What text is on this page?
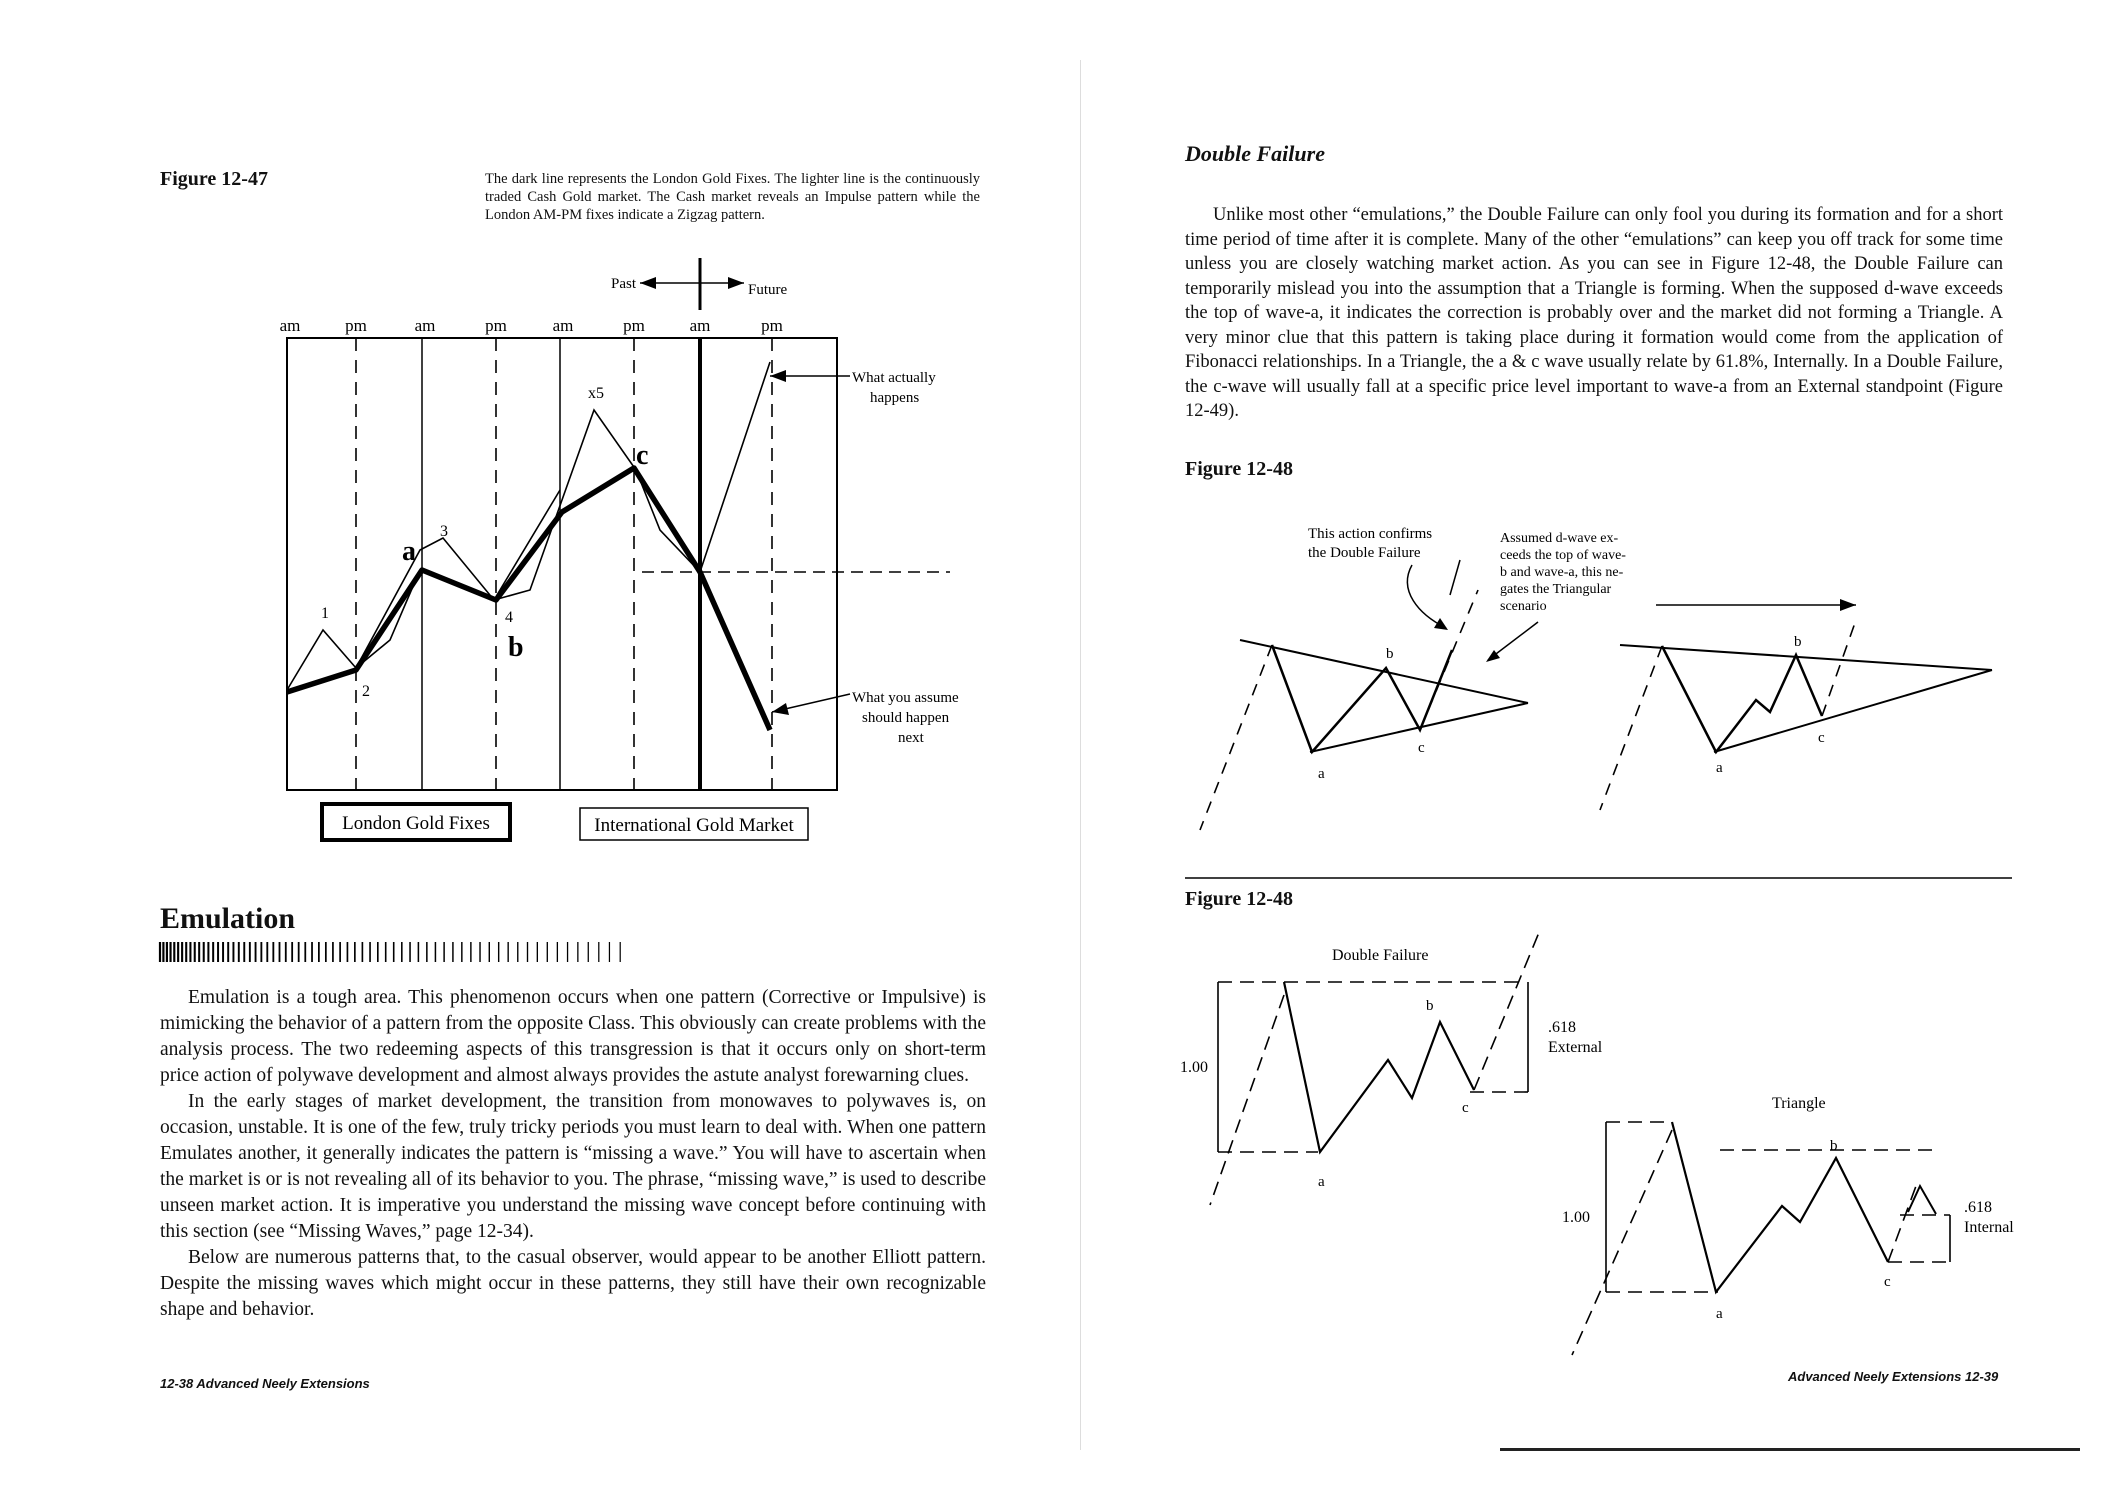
Figure 12-47	The dark line represents the London Gold Fixes. The lighter line is the continuously traded Cash Gold market. The Cash market reveals an Impulse pattern while the London AM-PM fixes indicate a Zigzag pattern.
Past	Future
am	pm	am	pm	am	pm	am	pm
1
2
3
4
x5
a
b
c
What actually
happens
What you assume
should happen
next
London Gold Fixes	International Gold Market
Emulation

Emulation is a tough area. This phenomenon occurs when one pattern (Corrective or Impulsive) is mimicking the behavior of a pattern from the opposite Class. This obviously can create problems with the analysis process. The two redeeming aspects of this transgression is that it occurs only on short-term price action of polywave development and almost always provides the astute analyst forewarning clues.

In the early stages of market development, the transition from monowaves to polywaves is, on occasion, unstable. It is one of the few, truly tricky periods you must learn to deal with. When one pattern Emulates another, it generally indicates the pattern is “missing a wave.” You will have to ascertain when the market is or is not revealing all of its behavior to you. The phrase, “missing wave,” is used to describe unseen market action. It is imperative you understand the missing wave concept before continuing with this section (see “Missing Waves,” page 12-34).

Below are numerous patterns that, to the casual observer, would appear to be another Elliott pattern. Despite the missing waves which might occur in these patterns, they still have their own recognizable shape and behavior.

12-38 Advanced Neely Extensions
Double Failure

Unlike most other “emulations,” the Double Failure can only fool you during its formation and for a short time period of time after it is complete. Many of the other “emulations” can keep you off track for some time unless you are closely watching market action. As you can see in Figure 12-48, the Double Failure can temporarily mislead you into the assumption that a Triangle is forming. When the supposed d-wave exceeds the top of wave-a, it indicates the correction is probably over and the market did not forming a Triangle. A very minor clue that this pattern is taking place during it formation would come from the application of Fibonacci relationships. In a Triangle, the a & c wave usually relate by 61.8%, Internally. In a Double Failure, the c-wave will usually fall at a specific price level important to wave-a from an External standpoint (Figure 12-49).

Figure 12-48
This action confirms
the Double Failure
Assumed d-wave ex-
ceeds the top of wave-
b and wave-a, this ne-
gates the Triangular
scenario
b
a
c
b
a
c
Figure 12-48
Double Failure
1.00
.618
External
b
a
c	Triangle
1.00
.618
Internal
b
a
c
Advanced Neely Extensions 12-39
